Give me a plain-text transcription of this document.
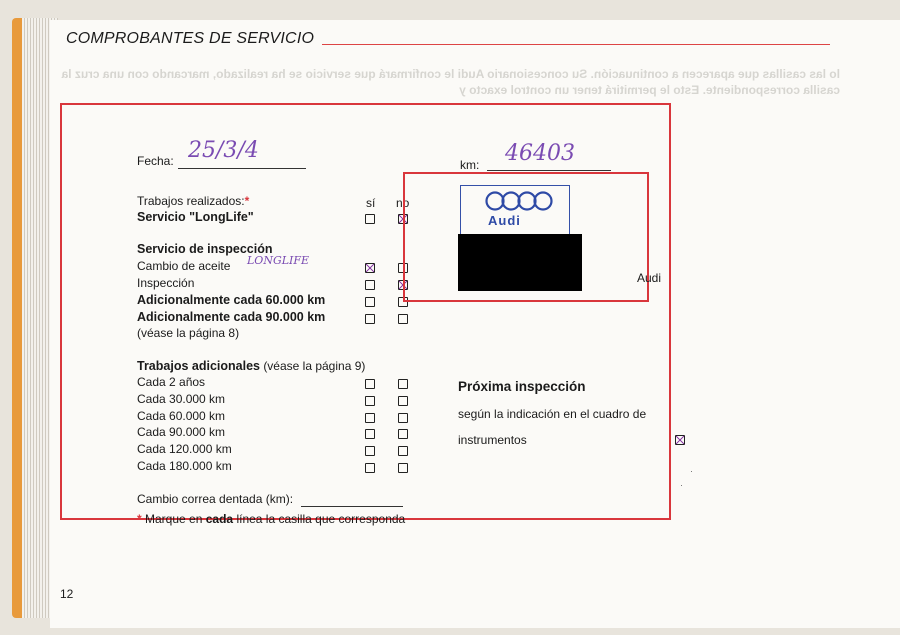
COMPROBANTES DE SERVICIO
lo las casillas que aparecen a continuación. Su concesionario Audi le confirmará que servicio se ha realizado, marcando con una cruz la casilla correspondiente. Esto le permitirá tener un control exacto y
Fecha: 25/3/4
km: 46403
Trabajos realizados:*	sí no
Servicio "LongLife"
Servicio de inspección
Cambio de aceite LONGLIFE
Inspección
Adicionalmente cada 60.000 km
Adicionalmente cada 90.000 km
(véase la página 8)
Trabajos adicionales (véase la página 9)
Cada 2 años
Cada 30.000 km
Cada 60.000 km
Cada 90.000 km
Cada 120.000 km
Cada 180.000 km
Cambio correa dentada (km):
* Marque en cada línea la casilla que corresponda
Audi
Audi
Próxima inspección
según la indicación en el cuadro de
instrumentos
·
·
12
